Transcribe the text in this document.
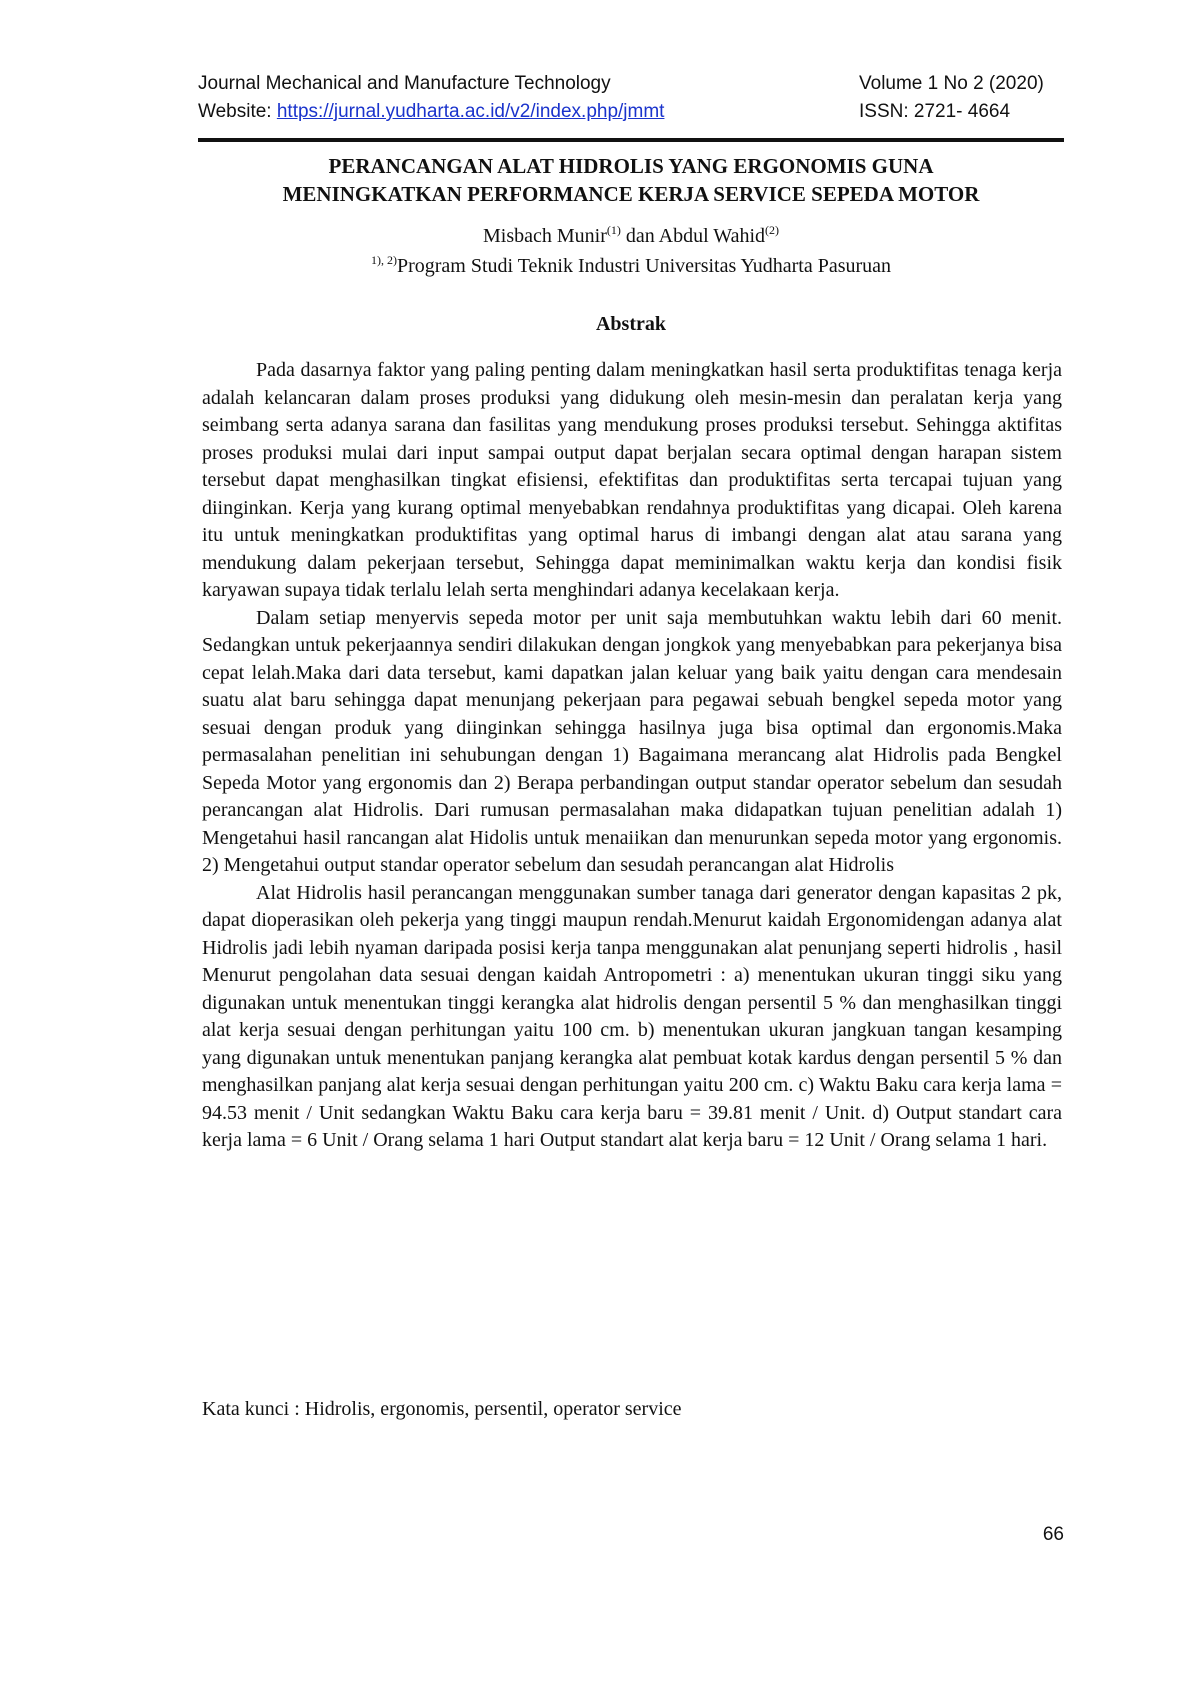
Journal Mechanical and Manufacture Technology	Volume 1 No 2 (2020)
Website: https://jurnal.yudharta.ac.id/v2/index.php/jmmt	ISSN: 2721- 4664
PERANCANGAN ALAT HIDROLIS YANG ERGONOMIS GUNA
MENINGKATKAN PERFORMANCE KERJA SERVICE SEPEDA MOTOR
Misbach Munir$^{(1)}$ dan Abdul Wahid$^{(2)}$
$^{1), 2)}$Program Studi Teknik Industri Universitas Yudharta Pasuruan
Abstrak

Pada dasarnya faktor yang paling penting dalam meningkatkan hasil serta produktifitas tenaga kerja adalah kelancaran dalam proses produksi yang didukung oleh mesin-mesin dan peralatan kerja yang seimbang serta adanya sarana dan fasilitas yang mendukung proses produksi tersebut. Sehingga aktifitas proses produksi mulai dari input sampai output dapat berjalan secara optimal dengan harapan sistem tersebut dapat menghasilkan tingkat efisiensi, efektifitas dan produktifitas serta tercapai tujuan yang diinginkan. Kerja yang kurang optimal menyebabkan rendahnya produktifitas yang dicapai. Oleh karena itu untuk meningkatkan produktifitas yang optimal harus di imbangi dengan alat atau sarana yang mendukung dalam pekerjaan tersebut, Sehingga dapat meminimalkan waktu kerja dan kondisi fisik karyawan supaya tidak terlalu lelah serta menghindari adanya kecelakaan kerja.

Dalam setiap menyervis sepeda motor per unit saja membutuhkan waktu lebih dari 60 menit. Sedangkan untuk pekerjaannya sendiri dilakukan dengan jongkok yang menyebabkan para pekerjanya bisa cepat lelah.Maka dari data tersebut, kami dapatkan jalan keluar yang baik yaitu dengan cara mendesain suatu alat baru sehingga dapat menunjang pekerjaan para pegawai sebuah bengkel sepeda motor yang sesuai dengan produk yang diinginkan sehingga hasilnya juga bisa optimal dan ergonomis.Maka permasalahan penelitian ini sehubungan dengan 1) Bagaimana merancang alat Hidrolis pada Bengkel Sepeda Motor yang ergonomis dan 2) Berapa perbandingan output standar operator sebelum dan sesudah perancangan alat Hidrolis. Dari rumusan permasalahan maka didapatkan tujuan penelitian adalah 1) Mengetahui hasil rancangan alat Hidolis untuk menaiikan dan menurunkan sepeda motor yang ergonomis. 2) Mengetahui output standar operator sebelum dan sesudah perancangan alat Hidrolis

Alat Hidrolis hasil perancangan menggunakan sumber tanaga dari generator dengan kapasitas 2 pk, dapat dioperasikan oleh pekerja yang tinggi maupun rendah.Menurut kaidah Ergonomidengan adanya alat Hidrolis jadi lebih nyaman daripada posisi kerja tanpa menggunakan alat penunjang seperti hidrolis , hasil Menurut pengolahan data sesuai dengan kaidah Antropometri : a) menentukan ukuran tinggi siku yang digunakan untuk menentukan tinggi kerangka alat hidrolis dengan persentil 5 % dan menghasilkan tinggi alat kerja sesuai dengan perhitungan yaitu 100 cm. b) menentukan ukuran jangkuan tangan kesamping yang digunakan untuk menentukan panjang kerangka alat pembuat kotak kardus dengan persentil 5 % dan menghasilkan panjang alat kerja sesuai dengan perhitungan yaitu 200 cm. c) Waktu Baku cara kerja lama = 94.53 menit / Unit sedangkan Waktu Baku cara kerja baru = 39.81 menit / Unit. d) Output standart cara kerja lama = 6 Unit / Orang selama 1 hari Output standart alat kerja baru = 12 Unit / Orang selama 1 hari.

Kata kunci : Hidrolis, ergonomis, persentil, operator service
66
